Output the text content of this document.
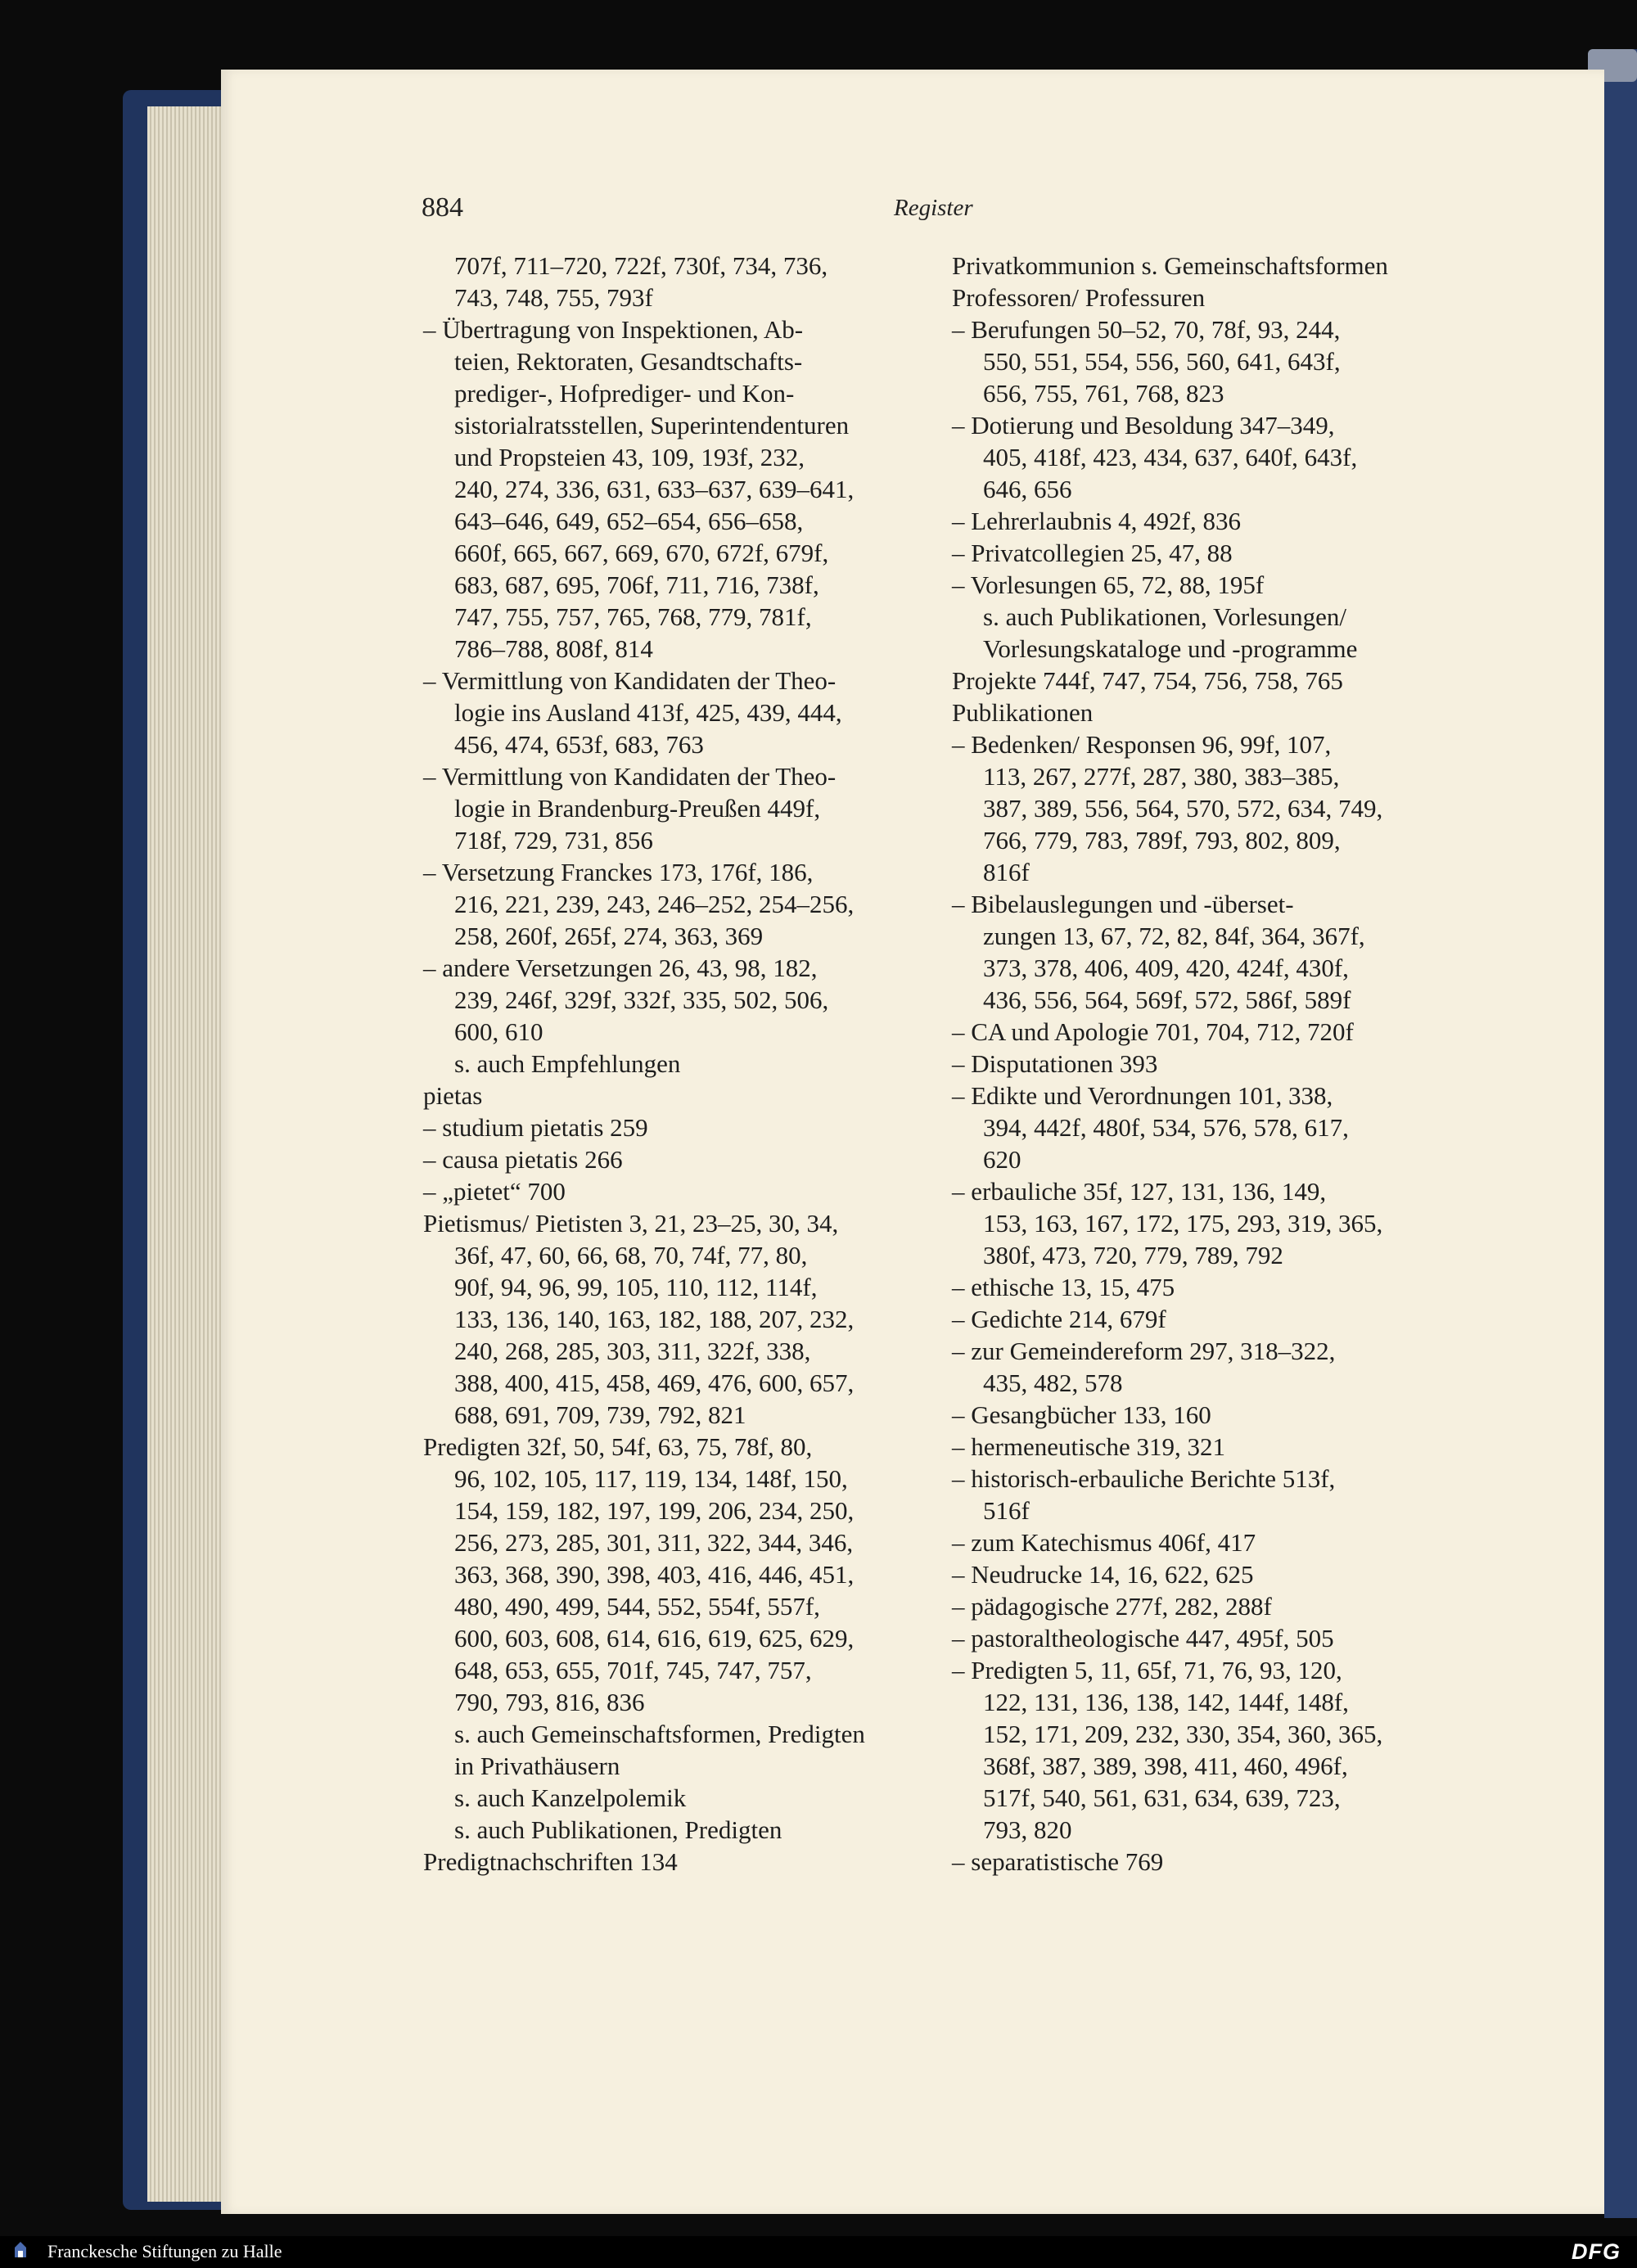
884	Register
707f, 711–720, 722f, 730f, 734, 736,
743, 748, 755, 793f
– Übertragung von Inspektionen, Ab-
teien, Rektoraten, Gesandtschafts-
prediger-, Hofprediger- und Kon-
sistorialratsstellen, Superintendenturen
und Propsteien 43, 109, 193f, 232,
240, 274, 336, 631, 633–637, 639–641,
643–646, 649, 652–654, 656–658,
660f, 665, 667, 669, 670, 672f, 679f,
683, 687, 695, 706f, 711, 716, 738f,
747, 755, 757, 765, 768, 779, 781f,
786–788, 808f, 814
– Vermittlung von Kandidaten der Theo-
logie ins Ausland 413f, 425, 439, 444,
456, 474, 653f, 683, 763
– Vermittlung von Kandidaten der Theo-
logie in Brandenburg-Preußen 449f,
718f, 729, 731, 856
– Versetzung Franckes 173, 176f, 186,
216, 221, 239, 243, 246–252, 254–256,
258, 260f, 265f, 274, 363, 369
– andere Versetzungen 26, 43, 98, 182,
239, 246f, 329f, 332f, 335, 502, 506,
600, 610
s. auch Empfehlungen
pietas
– studium pietatis 259
– causa pietatis 266
– „pietet“ 700
Pietismus/ Pietisten 3, 21, 23–25, 30, 34,
36f, 47, 60, 66, 68, 70, 74f, 77, 80,
90f, 94, 96, 99, 105, 110, 112, 114f,
133, 136, 140, 163, 182, 188, 207, 232,
240, 268, 285, 303, 311, 322f, 338,
388, 400, 415, 458, 469, 476, 600, 657,
688, 691, 709, 739, 792, 821
Predigten 32f, 50, 54f, 63, 75, 78f, 80,
96, 102, 105, 117, 119, 134, 148f, 150,
154, 159, 182, 197, 199, 206, 234, 250,
256, 273, 285, 301, 311, 322, 344, 346,
363, 368, 390, 398, 403, 416, 446, 451,
480, 490, 499, 544, 552, 554f, 557f,
600, 603, 608, 614, 616, 619, 625, 629,
648, 653, 655, 701f, 745, 747, 757,
790, 793, 816, 836
s. auch Gemeinschaftsformen, Predigten
in Privathäusern
s. auch Kanzelpolemik
s. auch Publikationen, Predigten
Predigtnachschriften 134
Privatkommunion s. Gemeinschaftsformen
Professoren/ Professuren
– Berufungen 50–52, 70, 78f, 93, 244,
550, 551, 554, 556, 560, 641, 643f,
656, 755, 761, 768, 823
– Dotierung und Besoldung 347–349,
405, 418f, 423, 434, 637, 640f, 643f,
646, 656
– Lehrerlaubnis 4, 492f, 836
– Privatcollegien 25, 47, 88
– Vorlesungen 65, 72, 88, 195f
s. auch Publikationen, Vorlesungen/
Vorlesungskataloge und -programme
Projekte 744f, 747, 754, 756, 758, 765
Publikationen
– Bedenken/ Responsen 96, 99f, 107,
113, 267, 277f, 287, 380, 383–385,
387, 389, 556, 564, 570, 572, 634, 749,
766, 779, 783, 789f, 793, 802, 809,
816f
– Bibelauslegungen und -überset-
zungen 13, 67, 72, 82, 84f, 364, 367f,
373, 378, 406, 409, 420, 424f, 430f,
436, 556, 564, 569f, 572, 586f, 589f
– CA und Apologie 701, 704, 712, 720f
– Disputationen 393
– Edikte und Verordnungen 101, 338,
394, 442f, 480f, 534, 576, 578, 617,
620
– erbauliche 35f, 127, 131, 136, 149,
153, 163, 167, 172, 175, 293, 319, 365,
380f, 473, 720, 779, 789, 792
– ethische 13, 15, 475
– Gedichte 214, 679f
– zur Gemeindereform 297, 318–322,
435, 482, 578
– Gesangbücher 133, 160
– hermeneutische 319, 321
– historisch-erbauliche Berichte 513f,
516f
– zum Katechismus 406f, 417
– Neudrucke 14, 16, 622, 625
– pädagogische 277f, 282, 288f
– pastoraltheologische 447, 495f, 505
– Predigten 5, 11, 65f, 71, 76, 93, 120,
122, 131, 136, 138, 142, 144f, 148f,
152, 171, 209, 232, 330, 354, 360, 365,
368f, 387, 389, 398, 411, 460, 496f,
517f, 540, 561, 631, 634, 639, 723,
793, 820
– separatistische 769
Franckesche Stiftungen zu Halle	DFG
